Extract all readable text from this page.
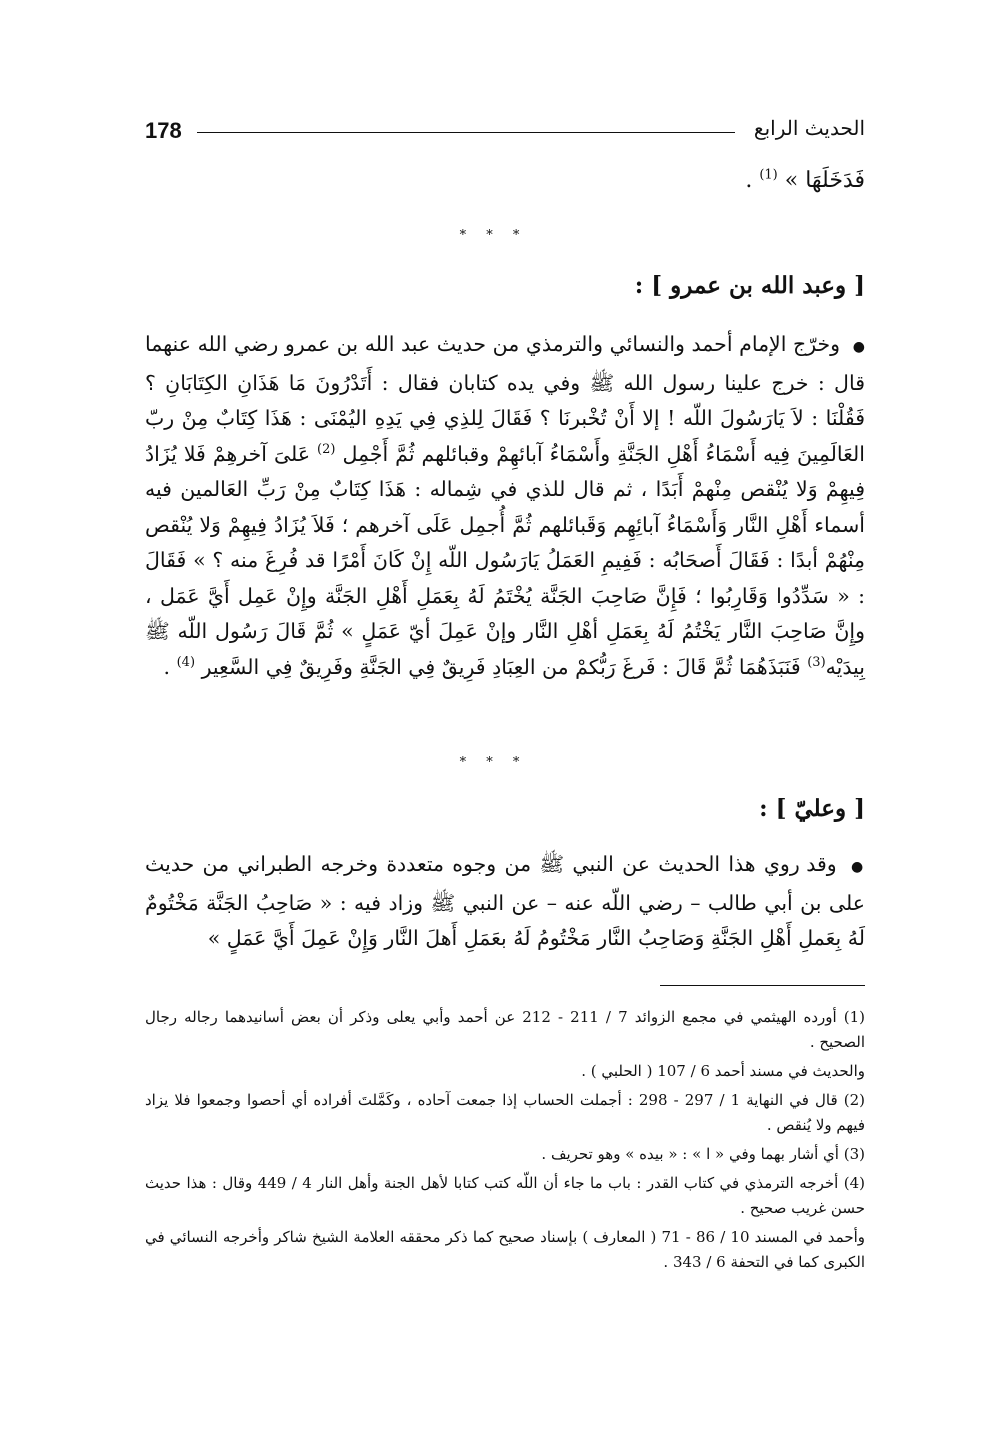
178	الحديث الرابع
فَدَخَلَهَا » $^{(1)}$ .
* * *
[ وعبد الله بن عمرو ] :
● وخرّج الإمام أحمد والنسائي والترمذي من حديث عبد الله بن عمرو رضي الله عنهما قال : خرج علينا رسول الله ﷺ وفي يده كتابان فقال : أَتَدْرُونَ مَا هَذَانِ الكِتَابَانِ ؟ فَقُلْنَا : لاَ يَارَسُولَ اللّه ! إلا أَنْ تُخْبرنَا ؟ فَقَالَ لِلذِي فِي يَدِهِ اليُمْنَى : هَذَا كِتَابٌ مِنْ ربّ العَالَمِينَ فِيه أَسْمَاءُ أَهْلِ الجَنَّةِ وأَسْمَاءُ آبائهِمْ وقبائلهم ثُمَّ أَجْمِل $^{(2)}$ عَلىَ آخرهِمْ فَلا يُزَادُ فِيهِمْ وَلا يُنْقص مِنْهمْ أَبَدًا ، ثم قال للذي في شِماله : هَذَا كِتَابٌ مِنْ رَبِّ العَالمين فيه أسماء أَهْلِ النَّار وَأَسْمَاءُ آبائِهِم وَقَبائلهم ثُمَّ أُجمِل عَلَى آخرهم ؛ فَلاَ يُزَادُ فِيهِمْ وَلا يُنْقص مِنْهُمْ أبدًا : فَقَالَ أَصحَابُه : فَفِيمِ العَمَلُ يَارَسُول اللّه إِنْ كَانَ أَمْرًا قد فُرِغَ منه ؟ » فَقَالَ : « سَدِّدُوا وَقَارِبُوا ؛ فَإِنَّ صَاحِبَ الجَنَّة يُخْتَمُ لَهُ بِعَمَلِ أَهْلِ الجَنَّة وإِنْ عَمِل أَيَّ عَمَل ، وإِنَّ صَاحِبَ النَّار يَخْتُمُ لَهُ بِعَمَلِ أهْلِ النَّار وإنْ عَمِلَ أيّ عَمَلٍ » ثُمَّ قَالَ رَسُول اللّه ﷺ بِيدَيْه$^{(3)}$ فَنَبَذَهُمَا ثُمَّ قَالَ : فَرغَ رَبُّكمْ من العِبَادِ فَرِيقٌ فِي الجَنَّةِ وفَرِيقٌ فِي السَّعِير $^{(4)}$ .
* * *
[ وعليّ ] :
● وقد روي هذا الحديث عن النبي ﷺ من وجوه متعددة وخرجه الطبراني من حديث على بن أبي طالب – رضي اللّه عنه – عن النبي ﷺ وزاد فيه : « صَاحِبُ الجَنَّة مَخْتُومٌ لَهُ بِعَملِ أَهْلِ الجَنَّةِ وَصَاحِبُ النَّار مَخْتُومُ لَهُ بعَمَلِ أَهلَ النَّار وَإِنْ عَمِلَ أَيَّ عَمَلٍ »

(1) أورده الهيثمي في مجمع الزوائد 7 / 211 - 212 عن أحمد وأبي يعلى وذكر أن بعض أسانيدهما رجاله رجال الصحيح .

والحديث في مسند أحمد 6 / 107 ( الحلبي ) .

(2) قال في النهاية 1 / 297 - 298 : أجملت الحساب إذا جمعت آحاده ، وكَمَّلتَ أفراده أي أحصوا وجمعوا فلا يزاد فيهم ولا يُنقص .

(3) أي أشار بهما وفي « ا » : « بيده » وهو تحريف .

(4) أخرجه الترمذي في كتاب القدر : باب ما جاء أن اللّه كتب كتابا لأهل الجنة وأهل النار 4 / 449 وقال : هذا حديث حسن غريب صحيح .

وأحمد في المسند 10 / 86 - 71 ( المعارف ) بإسناد صحيح كما ذكر محققه العلامة الشيخ شاكر وأخرجه النسائي في الكبرى كما في التحفة 6 / 343 .
